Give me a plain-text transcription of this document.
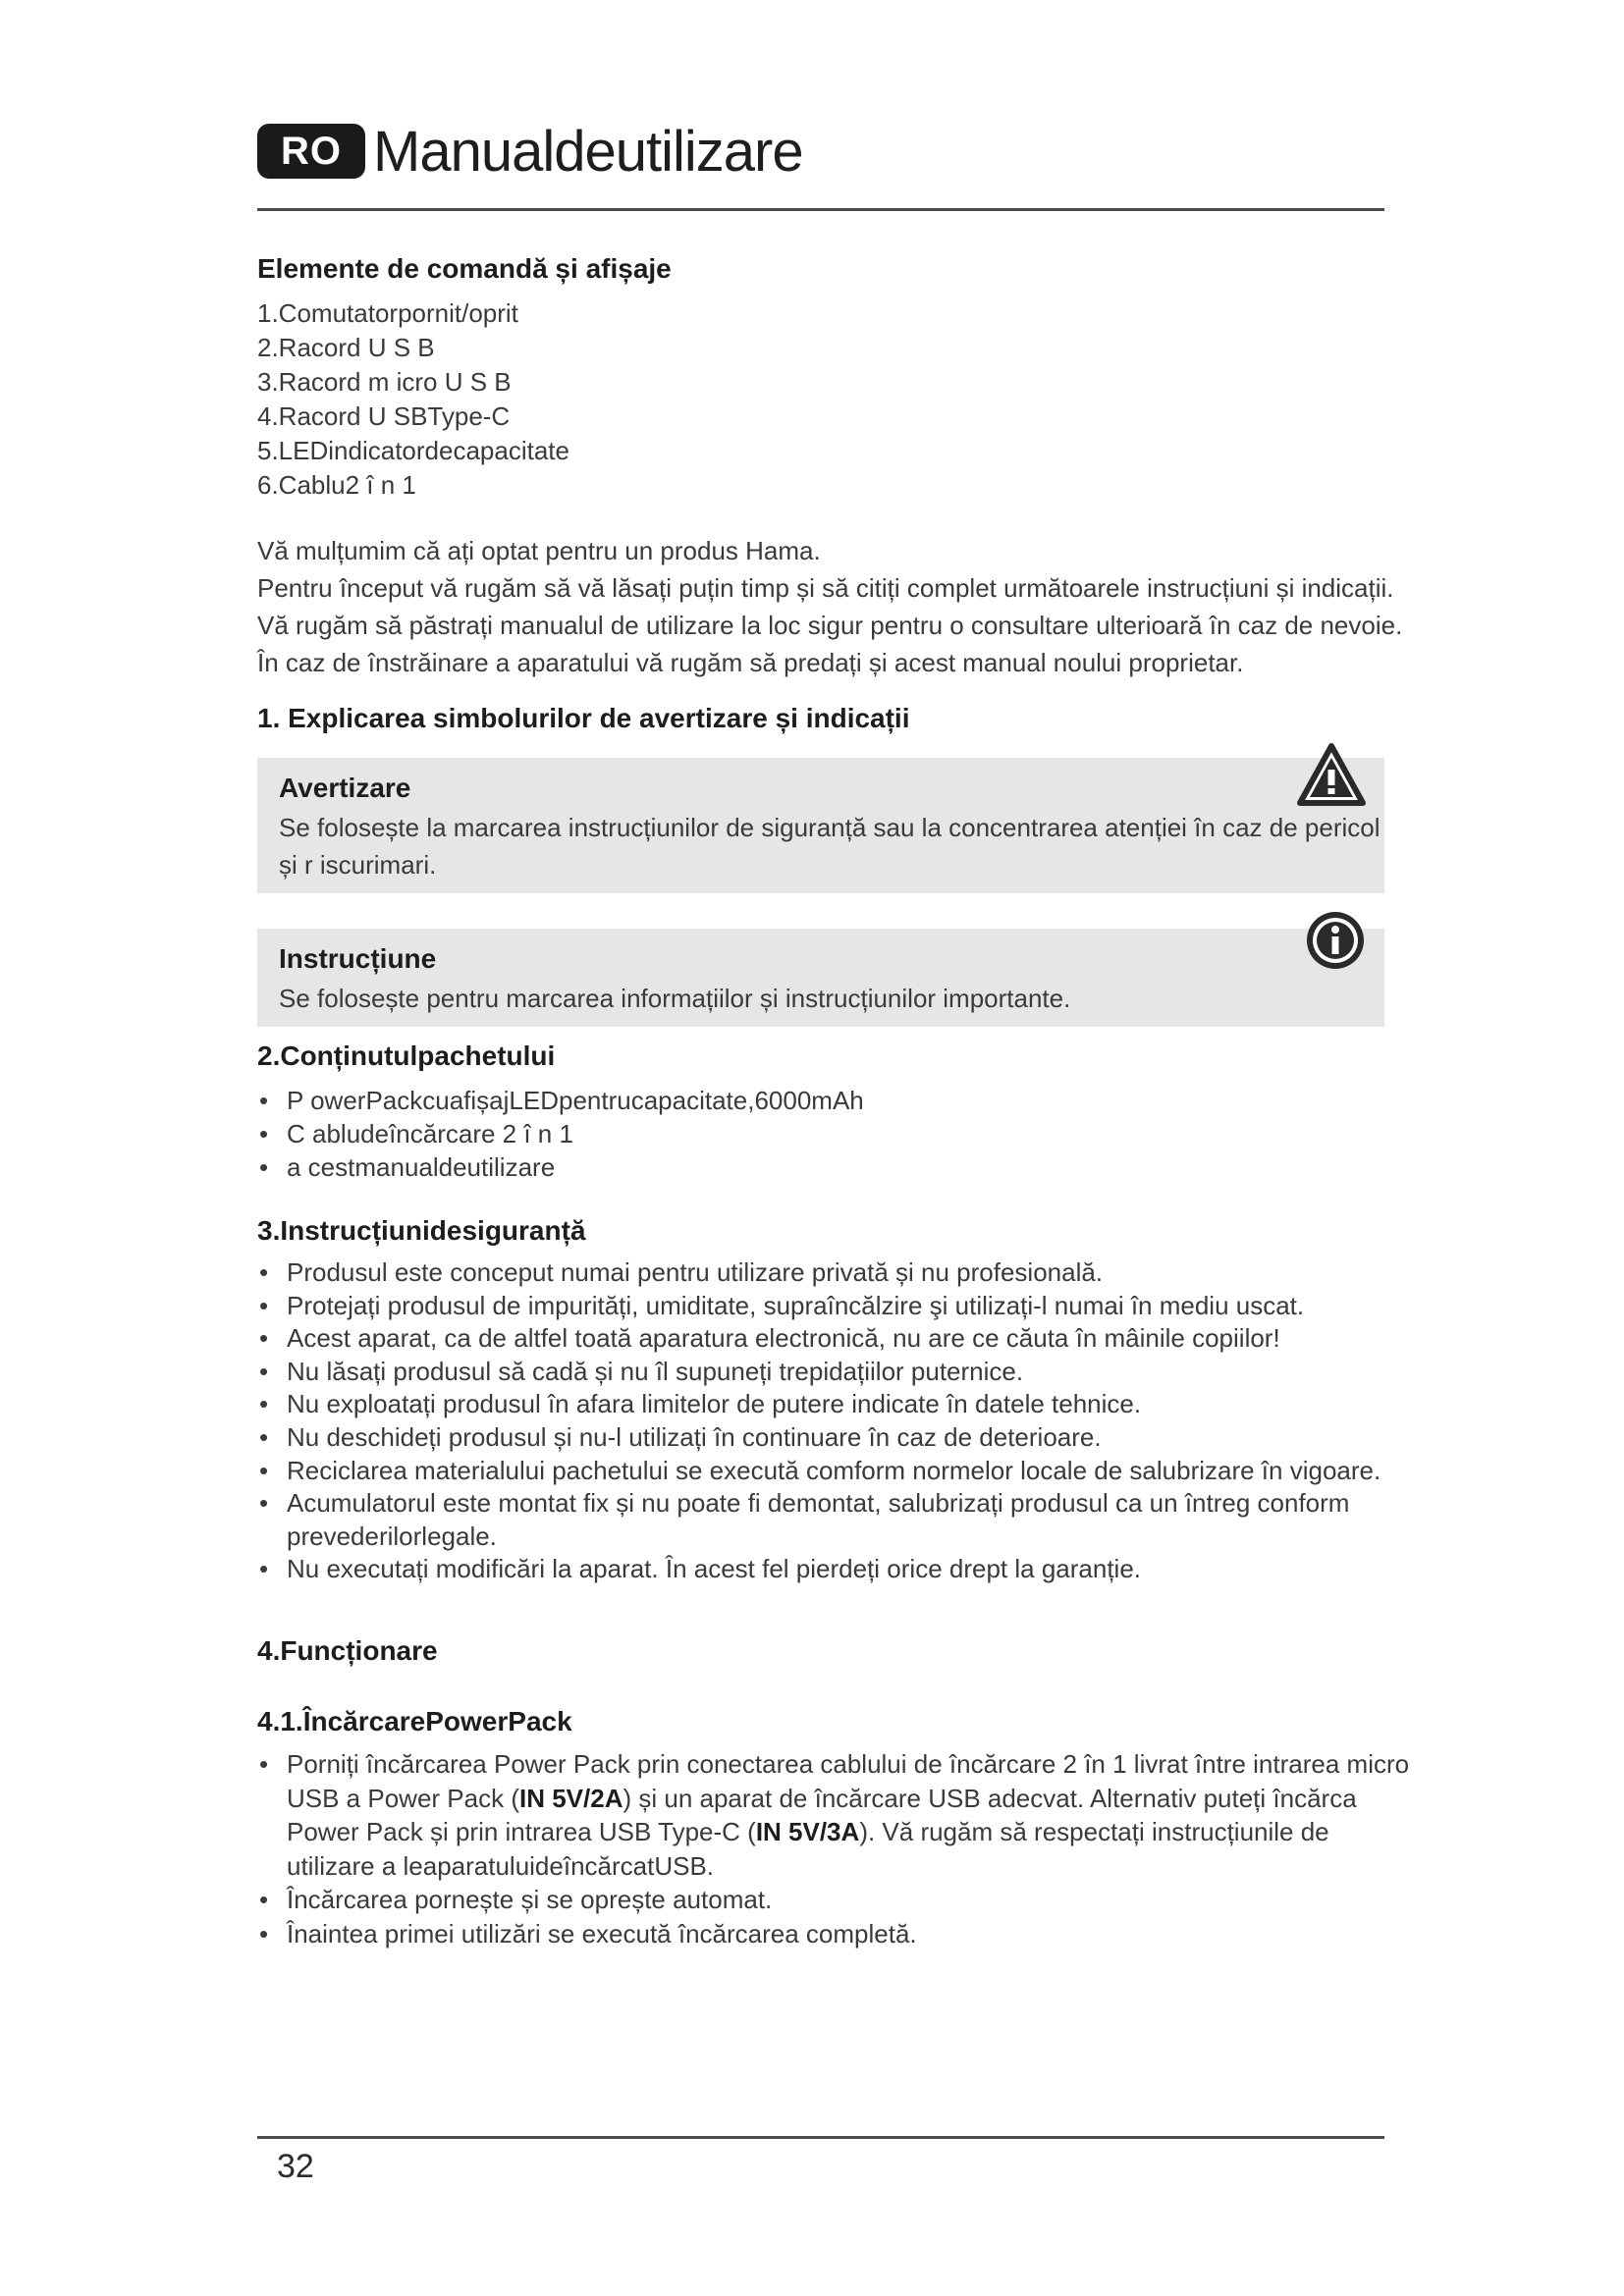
RO Manualdeutilizare
Elemente de comandă și afișaje
1.Comutatorpornit/oprit
2.Racord U S B
3.Racord m icro U S B
4.Racord U SBType-C
5.LEDindicatordecapacitate
6.Cablu2 î n 1
Vă mulțumim că ați optat pentru un produs Hama.
Pentru început vă rugăm să vă lăsați puțin timp și să citiți complet următoarele instrucțiuni și indicații.
Vă rugăm să păstrați manualul de utilizare la loc sigur pentru o consultare ulterioară în caz de nevoie.
În caz de înstrăinare a aparatului vă rugăm să predați și acest manual noului proprietar.
1. Explicarea simbolurilor de avertizare și indicații
Avertizare
Se folosește la marcarea instrucțiunilor de siguranță sau la concentrarea atenției în caz de pericol
și r iscurimari.
Instrucțiune
Se folosește pentru marcarea informațiilor și instrucțiunilor importante.
2.Conținutulpachetului
• P owerPackcuafișajLEDpentrucapacitate,6000mAh
• C abludeîncărcare 2 î n 1
• a cestmanualdeutilizare
3.Instrucțiunidesiguranță
• Produsul este conceput numai pentru utilizare privată și nu profesională.
• Protejați produsul de impurități, umiditate, supraîncălzire şi utilizați-l numai în mediu uscat.
• Acest aparat, ca de altfel toată aparatura electronică, nu are ce căuta în mâinile copiilor!
• Nu lăsați produsul să cadă și nu îl supuneți trepidațiilor puternice.
• Nu exploatați produsul în afara limitelor de putere indicate în datele tehnice.
• Nu deschideți produsul și nu-l utilizați în continuare în caz de deterioare.
• Reciclarea materialului pachetului se execută comform normelor locale de salubrizare în vigoare.
• Acumulatorul este montat fix și nu poate fi demontat, salubrizați produsul ca un întreg conform
prevederilorlegale.
• Nu executați modificări la aparat. În acest fel pierdeți orice drept la garanție.
4.Funcționare
4.1.ÎncărcarePowerPack
• Porniți încărcarea Power Pack prin conectarea cablului de încărcare 2 în 1 livrat între intrarea micro
USB a Power Pack (IN 5V/2A) și un aparat de încărcare USB adecvat. Alternativ puteți încărca
Power Pack și prin intrarea USB Type-C (IN 5V/3A). Vă rugăm să respectați instrucțiunile de
utilizare a leaparatuluideîncărcatUSB.
• Încărcarea pornește și se oprește automat.
• Înaintea primei utilizări se execută încărcarea completă.
32
